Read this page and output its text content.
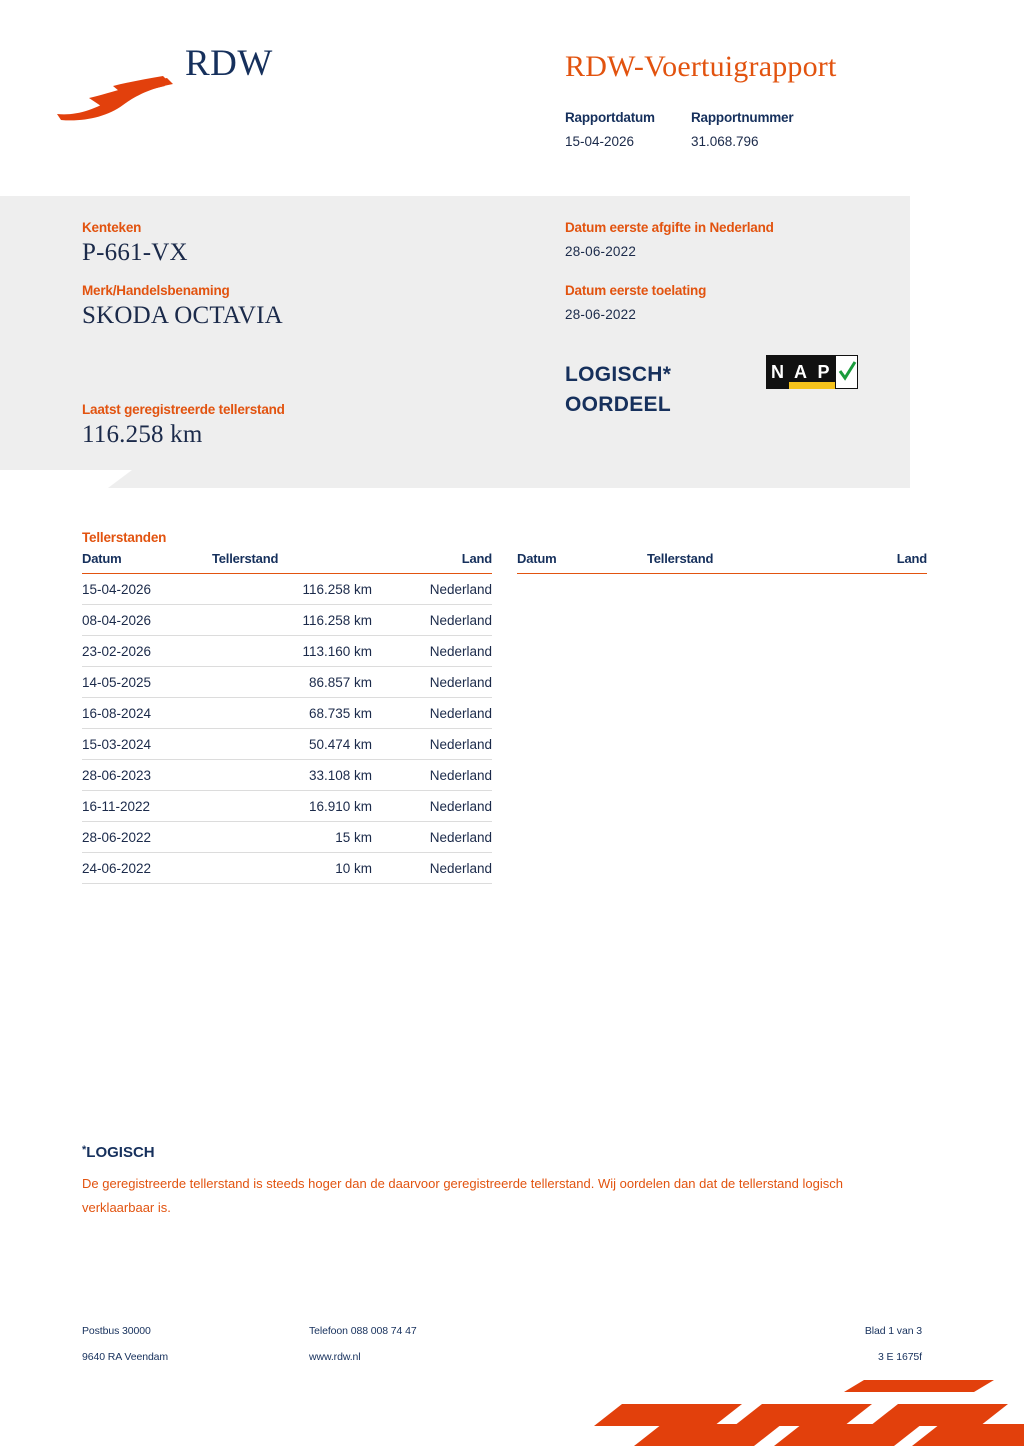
RDW	RDW-Voertuigrapport
Rapportdatum
15-04-2026
Rapportnummer
31.068.796
Kenteken
P-661-VX
Merk/Handelsbenaming
SKODA OCTAVIA
Laatst geregistreerde tellerstand
116.258 km
Datum eerste afgifte in Nederland
28-06-2022
Datum eerste toelating
28-06-2022
LOGISCH*
OORDEEL
N A P
Tellerstanden
Datum	Tellerstand	Land
15-04-2026	116.258 km	Nederland
08-04-2026	116.258 km	Nederland
23-02-2026	113.160 km	Nederland
14-05-2025	86.857 km	Nederland
16-08-2024	68.735 km	Nederland
15-03-2024	50.474 km	Nederland
28-06-2023	33.108 km	Nederland
16-11-2022	16.910 km	Nederland
28-06-2022	15 km	Nederland
24-06-2022	10 km	Nederland
Datum	Tellerstand	Land
*LOGISCH
De geregistreerde tellerstand is steeds hoger dan de daarvoor geregistreerde tellerstand. Wij oordelen dan dat de tellerstand logisch verklaarbaar is.
Postbus 30000	Telefoon 088 008 74 47	Blad 1 van 3
9640 RA Veendam	www.rdw.nl	3 E 1675f
